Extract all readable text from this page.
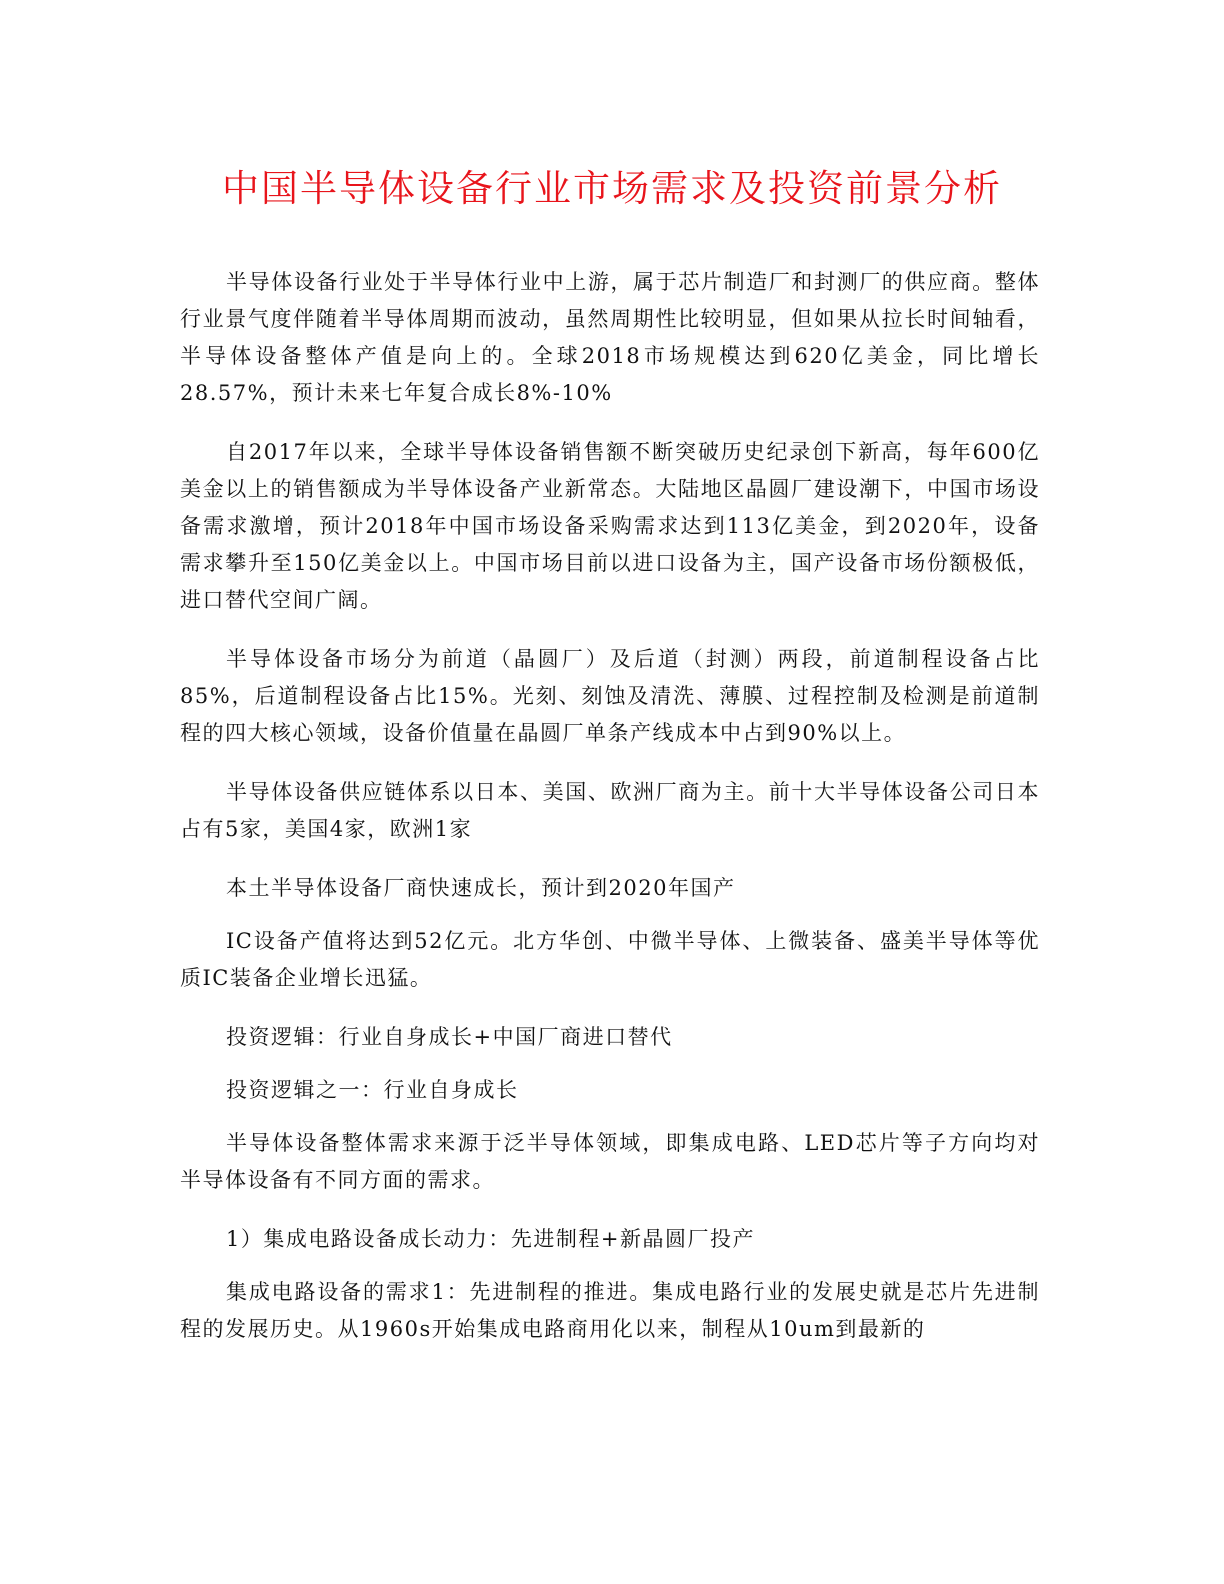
中国半导体设备行业市场需求及投资前景分析

半导体设备行业处于半导体行业中上游，属于芯片制造厂和封测厂的供应商。整体行业景气度伴随着半导体周期而波动，虽然周期性比较明显，但如果从拉长时间轴看，半导体设备整体产值是向上的。全球2018市场规模达到620亿美金，同比增长28.57%，预计未来七年复合成长8%-10%

自2017年以来，全球半导体设备销售额不断突破历史纪录创下新高，每年600亿美金以上的销售额成为半导体设备产业新常态。大陆地区晶圆厂建设潮下，中国市场设备需求激增，预计2018年中国市场设备采购需求达到113亿美金，到2020年，设备需求攀升至150亿美金以上。中国市场目前以进口设备为主，国产设备市场份额极低，进口替代空间广阔。

半导体设备市场分为前道（晶圆厂）及后道（封测）两段，前道制程设备占比85%，后道制程设备占比15%。光刻、刻蚀及清洗、薄膜、过程控制及检测是前道制程的四大核心领域，设备价值量在晶圆厂单条产线成本中占到90%以上。

半导体设备供应链体系以日本、美国、欧洲厂商为主。前十大半导体设备公司日本占有5家，美国4家，欧洲1家

本土半导体设备厂商快速成长，预计到2020年国产

IC设备产值将达到52亿元。北方华创、中微半导体、上微装备、盛美半导体等优质IC装备企业增长迅猛。

投资逻辑：行业自身成长+中国厂商进口替代

投资逻辑之一：行业自身成长

半导体设备整体需求来源于泛半导体领域，即集成电路、LED芯片等子方向均对半导体设备有不同方面的需求。

1）集成电路设备成长动力：先进制程+新晶圆厂投产

集成电路设备的需求1：先进制程的推进。集成电路行业的发展史就是芯片先进制程的发展历史。从1960s开始集成电路商用化以来，制程从10um到最新的
